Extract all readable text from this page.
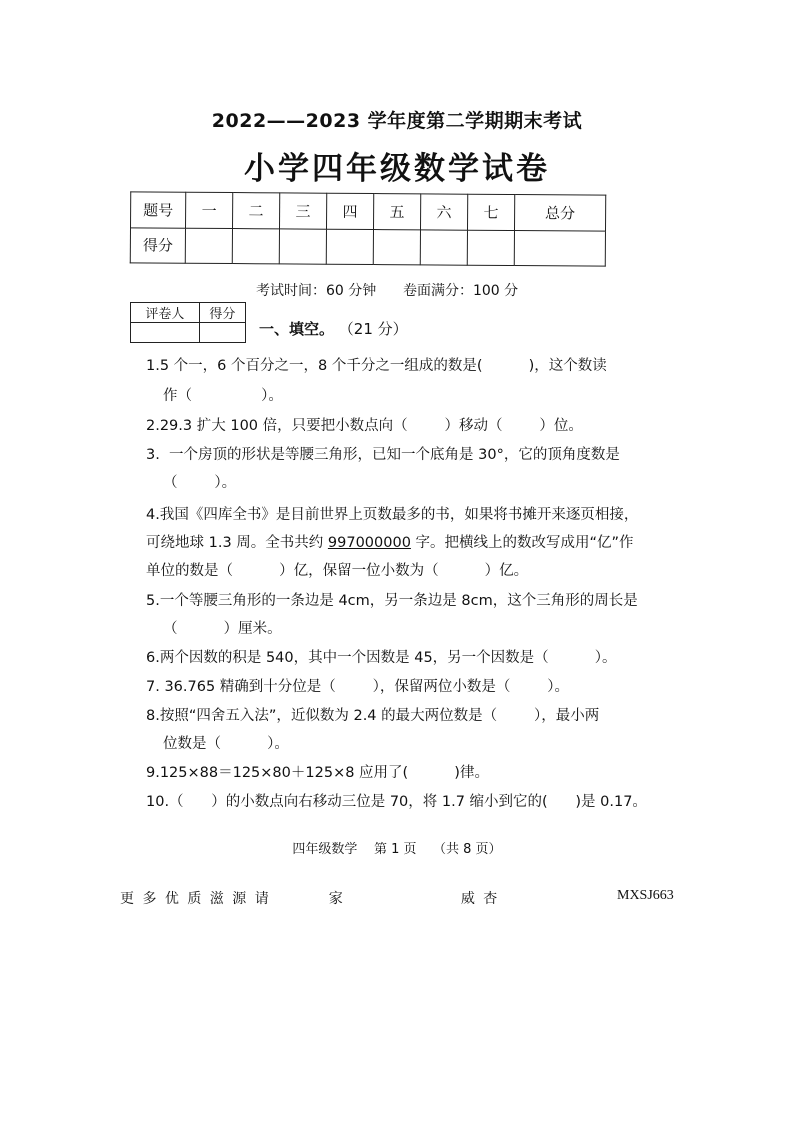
2022——2023 学年度第二学期期末考试
小学四年级数学试卷
题号	一	二	三	四	五	六	七	总分
得分								
考试时间：60 分钟      卷面满分：100 分
评卷人	得分

一、填空。 （21 分）
1.5 个一，6 个百分之一，8 个千分之一组成的数是(          )，这个数读
作（               ）。
2.29.3 扩大 100 倍，只要把小数点向（        ）移动（        ）位。
3.  一个房顶的形状是等腰三角形，已知一个底角是 30°，它的顶角度数是
（        ）。
4.我国《四库全书》是目前世界上页数最多的书，如果将书摊开来逐页相接，
可绕地球 1.3 周。全书共约 997000000 字。把横线上的数改写成用“亿”作
单位的数是（          ）亿，保留一位小数为（          ）亿。
5.一个等腰三角形的一条边是 4cm，另一条边是 8cm，这个三角形的周长是
（          ）厘米。
6.两个因数的积是 540，其中一个因数是 45，另一个因数是（          ）。
7. 36.765 精确到十分位是（        ），保留两位小数是（        ）。
8.按照“四舍五入法”，近似数为 2.4 的最大两位数是（        ），最小两
位数是（          ）。
9.125×88＝125×80＋125×8 应用了(          )律。
10.（      ）的小数点向右移动三位是 70，将 1.7 缩小到它的(      )是 0.17。
四年级数学    第 1 页    （共 8 页）
更 多 优 质 滋 源 请         家                  威 杏	MXSJ663
